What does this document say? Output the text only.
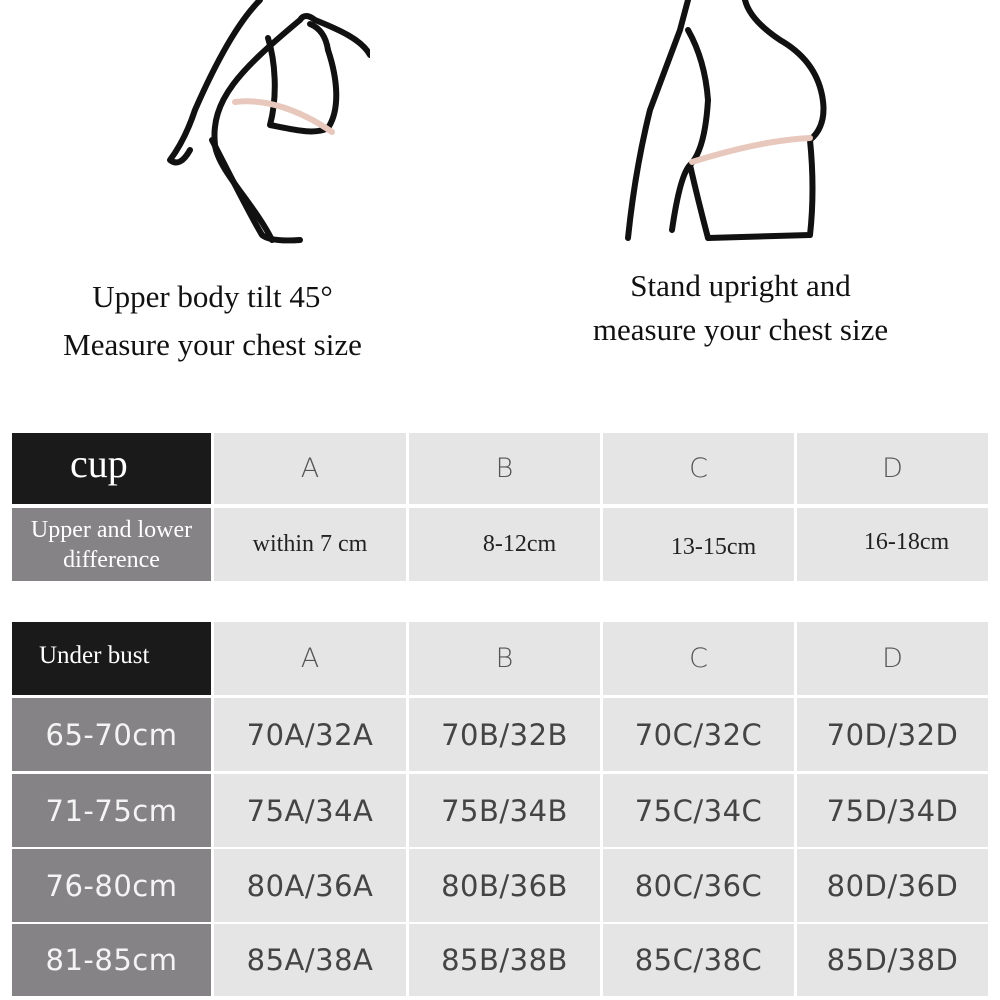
Upper body tilt 45°
Measure your chest size
Stand upright and
measure your chest size
cup	A	B	C	D
Upper and lower
difference
within 7 cm	8-12cm	13-15cm	16-18cm
Under bust	A	B	C	D
65-70cm	70A/32A	70B/32B	70C/32C	70D/32D
71-75cm	75A/34A	75B/34B	75C/34C	75D/34D
76-80cm	80A/36A	80B/36B	80C/36C	80D/36D
81-85cm	85A/38A	85B/38B	85C/38C	85D/38D
